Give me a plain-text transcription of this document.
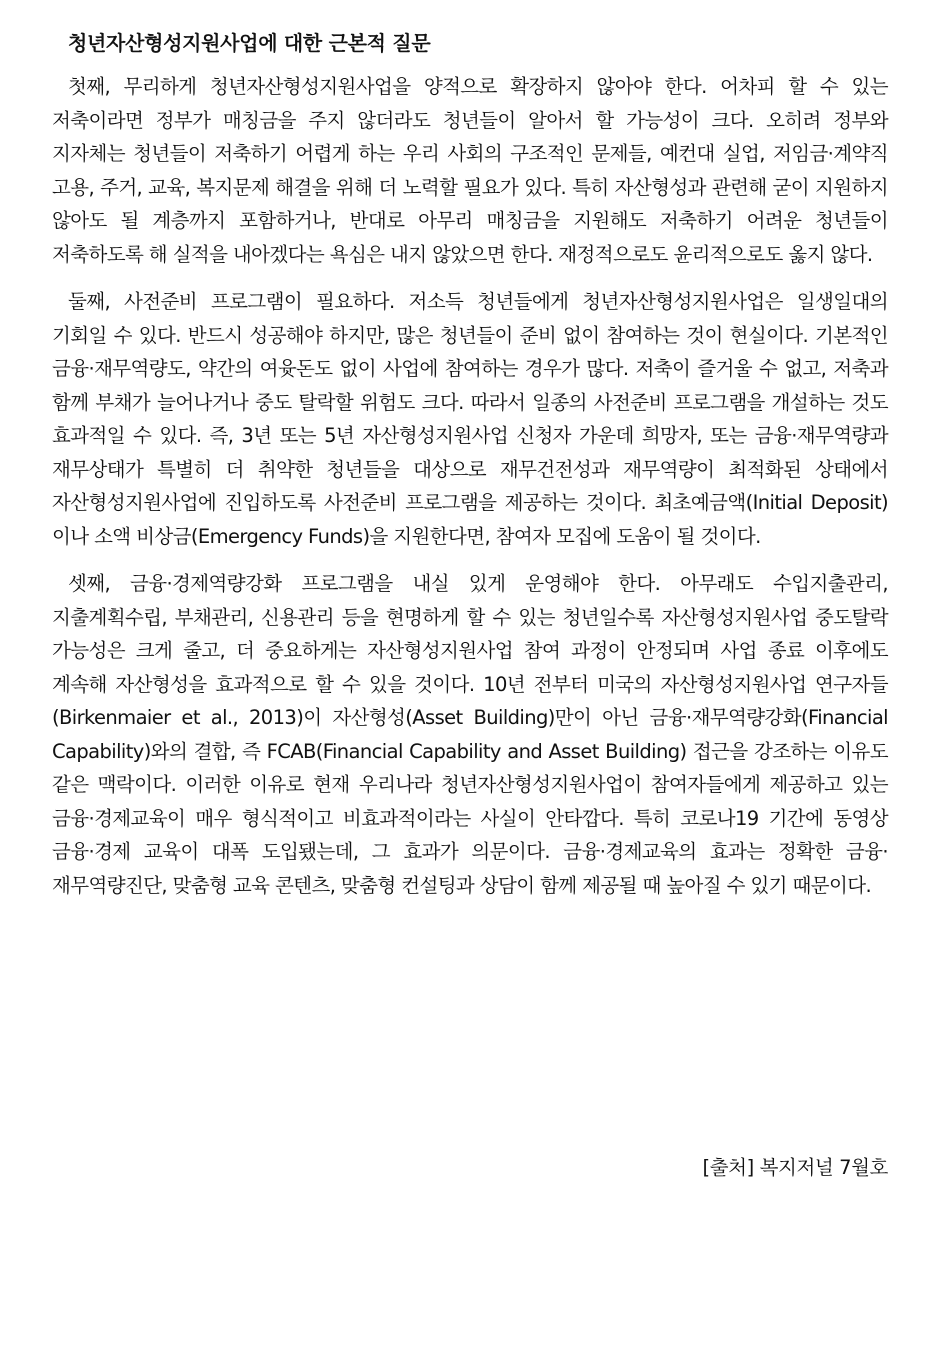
청년자산형성지원사업에 대한 근본적 질문

첫째, 무리하게 청년자산형성지원사업을 양적으로 확장하지 않아야 한다. 어차피 할 수 있는 저축이라면 정부가 매칭금을 주지 않더라도 청년들이 알아서 할 가능성이 크다. 오히려 정부와 지자체는 청년들이 저축하기 어렵게 하는 우리 사회의 구조적인 문제들, 예컨대 실업, 저임금·계약직 고용, 주거, 교육, 복지문제 해결을 위해 더 노력할 필요가 있다. 특히 자산형성과 관련해 굳이 지원하지 않아도 될 계층까지 포함하거나, 반대로 아무리 매칭금을 지원해도 저축하기 어려운 청년들이 저축하도록 해 실적을 내아겠다는 욕심은 내지 않았으면 한다. 재정적으로도 윤리적으로도 옳지 않다.

둘째, 사전준비 프로그램이 필요하다. 저소득 청년들에게 청년자산형성지원사업은 일생일대의 기회일 수 있다. 반드시 성공해야 하지만, 많은 청년들이 준비 없이 참여하는 것이 현실이다. 기본적인 금융·재무역량도, 약간의 여윳돈도 없이 사업에 참여하는 경우가 많다. 저축이 즐거울 수 없고, 저축과 함께 부채가 늘어나거나 중도 탈락할 위험도 크다. 따라서 일종의 사전준비 프로그램을 개설하는 것도 효과적일 수 있다. 즉, 3년 또는 5년 자산형성지원사업 신청자 가운데 희망자, 또는 금융·재무역량과 재무상태가 특별히 더 취약한 청년들을 대상으로 재무건전성과 재무역량이 최적화된 상태에서 자산형성지원사업에 진입하도록 사전준비 프로그램을 제공하는 것이다. 최초예금액(Initial Deposit)이나 소액 비상금(Emergency Funds)을 지원한다면, 참여자 모집에 도움이 될 것이다.

셋째, 금융·경제역량강화 프로그램을 내실 있게 운영해야 한다. 아무래도 수입지출관리, 지출계획수립, 부채관리, 신용관리 등을 현명하게 할 수 있는 청년일수록 자산형성지원사업 중도탈락 가능성은 크게 줄고, 더 중요하게는 자산형성지원사업 참여 과정이 안정되며 사업 종료 이후에도 계속해 자산형성을 효과적으로 할 수 있을 것이다. 10년 전부터 미국의 자산형성지원사업 연구자들(Birkenmaier et al., 2013)이 자산형성(Asset Building)만이 아닌 금융·재무역량강화(Financial Capability)와의 결합, 즉 FCAB(Financial Capability and Asset Building) 접근을 강조하는 이유도 같은 맥락이다. 이러한 이유로 현재 우리나라 청년자산형성지원사업이 참여자들에게 제공하고 있는 금융·경제교육이 매우 형식적이고 비효과적이라는 사실이 안타깝다. 특히 코로나19 기간에 동영상 금융·경제 교육이 대폭 도입됐는데, 그 효과가 의문이다. 금융·경제교육의 효과는 정확한 금융·재무역량진단, 맞춤형 교육 콘텐츠, 맞춤형 컨설팅과 상담이 함께 제공될 때 높아질 수 있기 때문이다.

[출처] 복지저널 7월호
